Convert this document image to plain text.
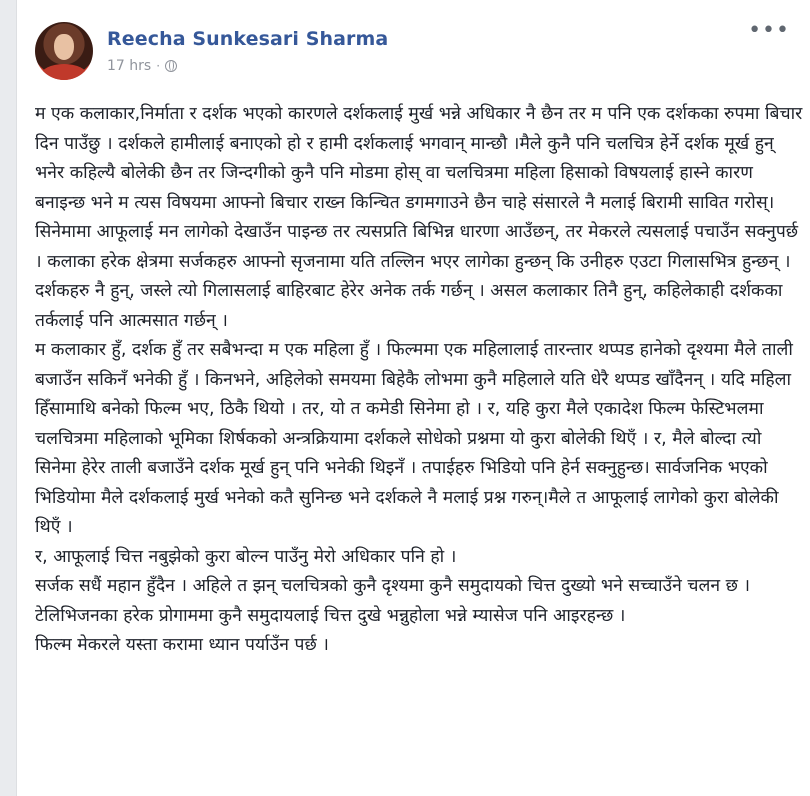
Reecha Sunkesari Sharma
17 hrs ·
•••

म एक कलाकार,निर्माता र दर्शक भएको कारणले दर्शकलाई मुर्ख भन्ने अधिकार नै छैन तर म पनि एक दर्शकका रुपमा बिचार दिन पाउँछु । दर्शकले हामीलाई बनाएको हो र हामी दर्शकलाई भगवान् मान्छौ ।मैले कुनै पनि चलचित्र हेर्ने दर्शक मूर्ख हुन् भनेर कहिल्यै बोलेकी छैन तर जिन्दगीको कुनै पनि मोडमा होस् वा चलचित्रमा महिला हिसाको विषयलाई हास्ने कारण बनाइन्छ भने म त्यस विषयमा आफ्नो बिचार राख्न किन्चित डगमगाउने छैन चाहे संसारले नै मलाई बिरामी सावित गरोस्। सिनेमामा आफूलाई मन लागेको देखाउँन पाइन्छ तर त्यसप्रति बिभिन्न धारणा आउँछन्, तर मेकरले त्यसलाई पचाउँन सक्नुपर्छ । कलाका हरेक क्षेत्रमा सर्जकहरु आफ्नो सृजनामा यति तल्लिन भएर लागेका हुन्छन् कि उनीहरु एउटा गिलासभित्र हुन्छन् । दर्शकहरु नै हुन्, जस्ले त्यो गिलासलाई बाहिरबाट हेरेर अनेक तर्क गर्छन् । असल कलाकार तिनै हुन्, कहिलेकाही दर्शकका तर्कलाई पनि आत्मसात गर्छन् ।

म कलाकार हुँ, दर्शक हुँ तर सबैभन्दा म एक महिला हुँ । फिल्ममा एक महिलालाई तारन्तार थप्पड हानेको दृश्यमा मैले ताली बजाउँन सकिनँ भनेकी हुँ । किनभने, अहिलेको समयमा बिहेकै लोभमा कुनै महिलाले यति धेरै थप्पड खाँदैनन् । यदि महिला हिँसामाथि बनेको फिल्म भए, ठिकै थियो । तर, यो त कमेडी सिनेमा हो । र, यहि कुरा मैले एकादेश फिल्म फेस्टिभलमा चलचित्रमा महिलाको भूमिका शिर्षकको अन्त्रक्रियामा दर्शकले सोधेको प्रश्नमा यो कुरा बोलेकी थिएँ । र, मैले बोल्दा त्यो सिनेमा हेरेर ताली बजाउँने दर्शक मूर्ख हुन् पनि भनेकी थिइनँ । तपाईहरु भिडियो पनि हेर्न सक्नुहुन्छ। सार्वजनिक भएको भिडियोमा मैले दर्शकलाई मुर्ख भनेको कतै सुनिन्छ भने दर्शकले नै मलाई प्रश्न गरुन्।मैले त आफूलाई लागेको कुरा बोलेकी थिएँ ।

र, आफूलाई चित्त नबुझेको कुरा बोल्न पाउँनु मेरो अधिकार पनि हो ।

सर्जक सधैं महान हुँदैन । अहिले त झन् चलचित्रको कुनै दृश्यमा कुनै समुदायको चित्त दुख्यो भने सच्चाउँने चलन छ । टेलिभिजनका हरेक प्रोगाममा कुनै समुदायलाई चित्त दुखे भन्नुहोला भन्ने म्यासेज पनि आइरहन्छ ।

फिल्म मेकरले यस्ता करामा ध्यान पर्याउँन पर्छ ।
